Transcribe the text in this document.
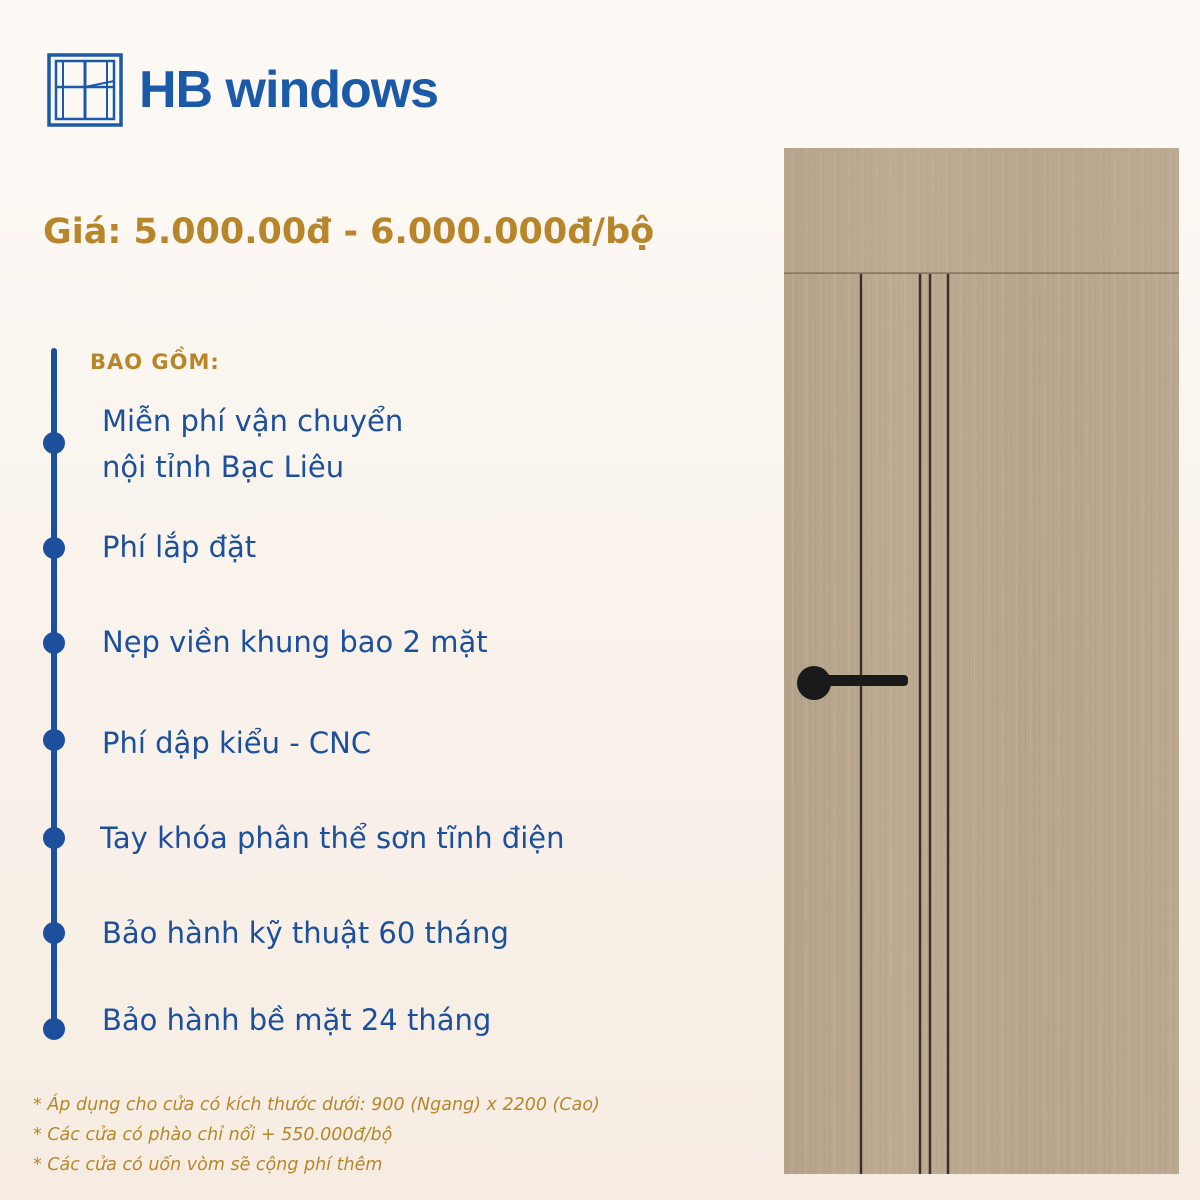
HB windows
Giá: 5.000.00đ - 6.000.000đ/bộ
BAO GỒM:
Miễn phí vận chuyển
nội tỉnh Bạc Liêu
Phí lắp đặt
Nẹp viền khung bao 2 mặt
Phí dập kiểu - CNC
Tay khóa phân thể sơn tĩnh điện
Bảo hành kỹ thuật 60 tháng
Bảo hành bề mặt 24 tháng
* Áp dụng cho cửa có kích thước dưới: 900 (Ngang) x 2200 (Cao)
* Các cửa có phào chỉ nổi + 550.000đ/bộ
* Các cửa có uốn vòm sẽ cộng phí thêm
